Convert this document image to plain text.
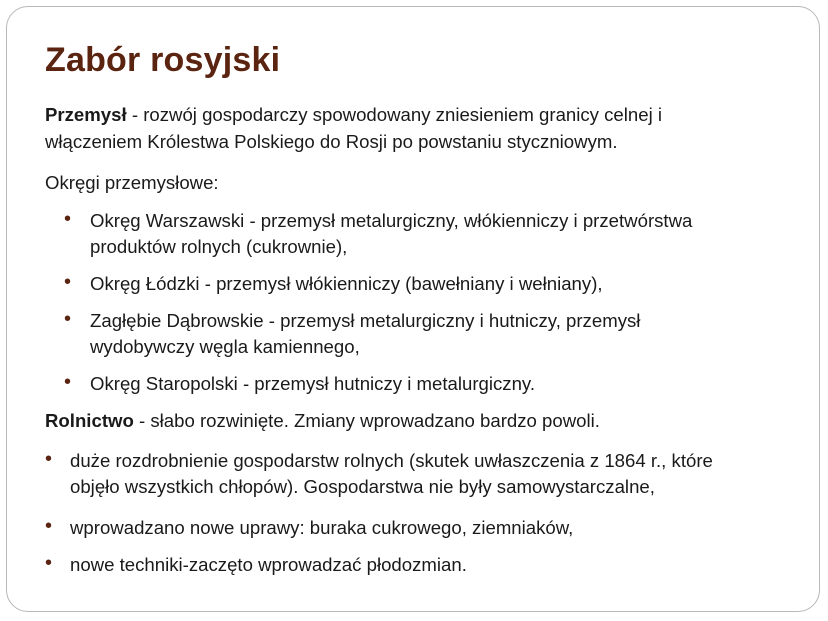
Zabór rosyjski
Przemysł - rozwój gospodarczy spowodowany zniesieniem granicy celnej i
włączeniem Królestwa Polskiego do Rosji po powstaniu styczniowym.
Okręgi przemysłowe:
• Okręg Warszawski - przemysł metalurgiczny, włókienniczy i przetwórstwa
produktów rolnych (cukrownie),
• Okręg Łódzki - przemysł włókienniczy (bawełniany i wełniany),
• Zagłębie Dąbrowskie - przemysł metalurgiczny i hutniczy, przemysł
wydobywczy węgla kamiennego,
• Okręg Staropolski - przemysł hutniczy i metalurgiczny.
Rolnictwo - słabo rozwinięte. Zmiany wprowadzano bardzo powoli.
• duże rozdrobnienie gospodarstw rolnych (skutek uwłaszczenia z 1864 r., które
objęło wszystkich chłopów). Gospodarstwa nie były samowystarczalne,
• wprowadzano nowe uprawy: buraka cukrowego, ziemniaków,
• nowe techniki-zaczęto wprowadzać płodozmian.
